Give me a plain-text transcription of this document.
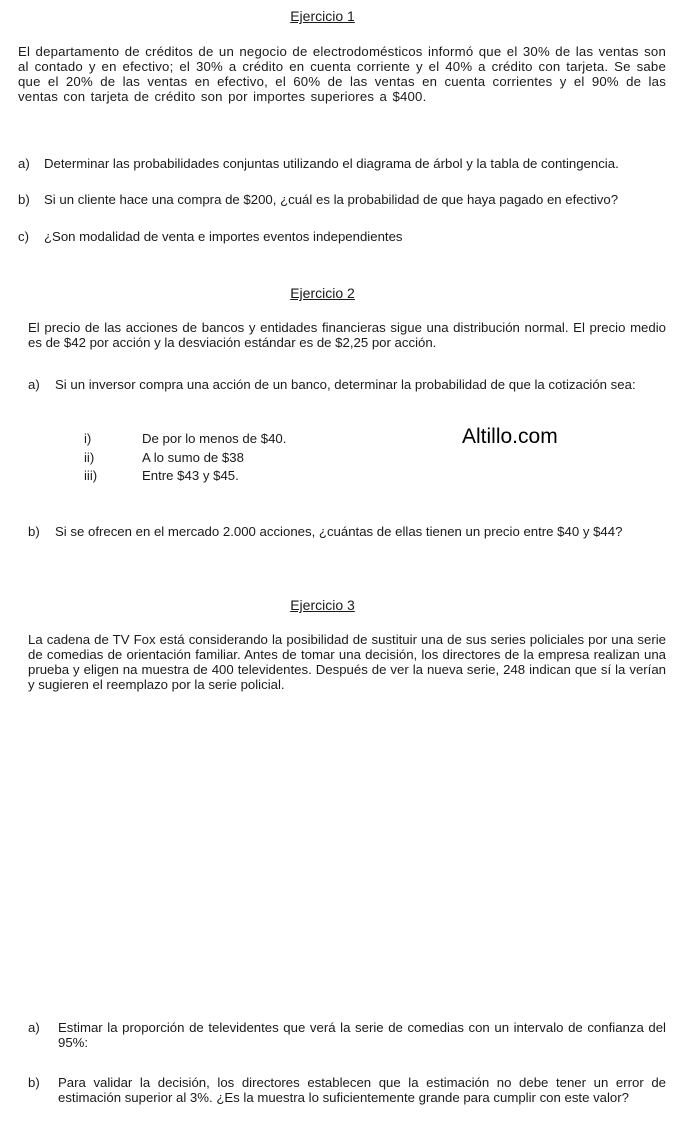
Ejercicio 1
El departamento de créditos de un negocio de electrodomésticos informó que el 30% de las ventas son al contado y en efectivo; el 30% a crédito en cuenta corriente y el 40% a crédito con tarjeta. Se sabe que el 20% de las ventas en efectivo, el 60% de las ventas en cuenta corrientes y el 90% de las ventas con tarjeta de crédito son por importes superiores a $400.
a) Determinar las probabilidades conjuntas utilizando el diagrama de árbol y la tabla de contingencia.
b) Si un cliente hace una compra de $200, ¿cuál es la probabilidad de que haya pagado en efectivo?
c) ¿Son modalidad de venta e importes eventos independientes
Ejercicio 2
El precio de las acciones de bancos y entidades financieras sigue una distribución normal. El precio medio es de $42 por acción y la desviación estándar es de $2,25 por acción.
a) Si un inversor compra una acción de un banco, determinar la probabilidad de que la cotización sea:
i)	De por lo menos de $40.
ii)	A lo sumo de $38
iii)	Entre $43 y $45.
Altillo.com
b) Si se ofrecen en el mercado 2.000 acciones, ¿cuántas de ellas tienen un precio entre $40 y $44?
Ejercicio 3
La cadena de TV Fox está considerando la posibilidad de sustituir una de sus series policiales por una serie de comedias de orientación familiar. Antes de tomar una decisión, los directores de la empresa realizan una prueba y eligen na muestra de 400 televidentes. Después de ver la nueva serie, 248 indican que sí la verían y sugieren el reemplazo por la serie policial.
a) Estimar la proporción de televidentes que verá la serie de comedias con un intervalo de confianza del 95%:
b) Para validar la decisión, los directores establecen que la estimación no debe tener un error de estimación superior al 3%. ¿Es la muestra lo suficientemente grande para cumplir con este valor?
